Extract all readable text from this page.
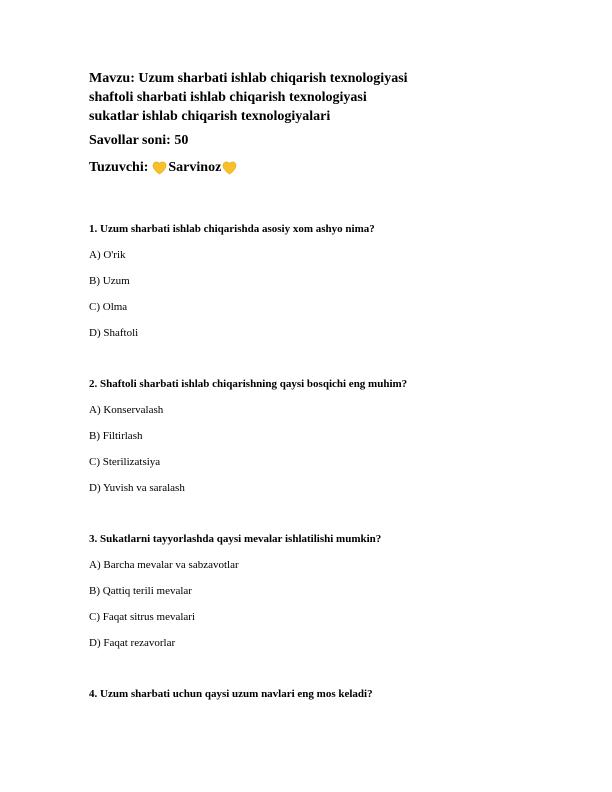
Mavzu: Uzum sharbati ishlab chiqarish texnologiyasi
shaftoli sharbati ishlab chiqarish texnologiyasi
sukatlar ishlab chiqarish texnologiyalari
Savollar soni: 50
Tuzuvchi: Sarvinoz
1. Uzum sharbati ishlab chiqarishda asosiy xom ashyo nima?
A) O'rik
B) Uzum
C) Olma
D) Shaftoli
2. Shaftoli sharbati ishlab chiqarishning qaysi bosqichi eng muhim?
A) Konservalash
B) Filtirlash
C) Sterilizatsiya
D) Yuvish va saralash
3. Sukatlarni tayyorlashda qaysi mevalar ishlatilishi mumkin?
A) Barcha mevalar va sabzavotlar
B) Qattiq terili mevalar
C) Faqat sitrus mevalari
D) Faqat rezavorlar
4. Uzum sharbati uchun qaysi uzum navlari eng mos keladi?
